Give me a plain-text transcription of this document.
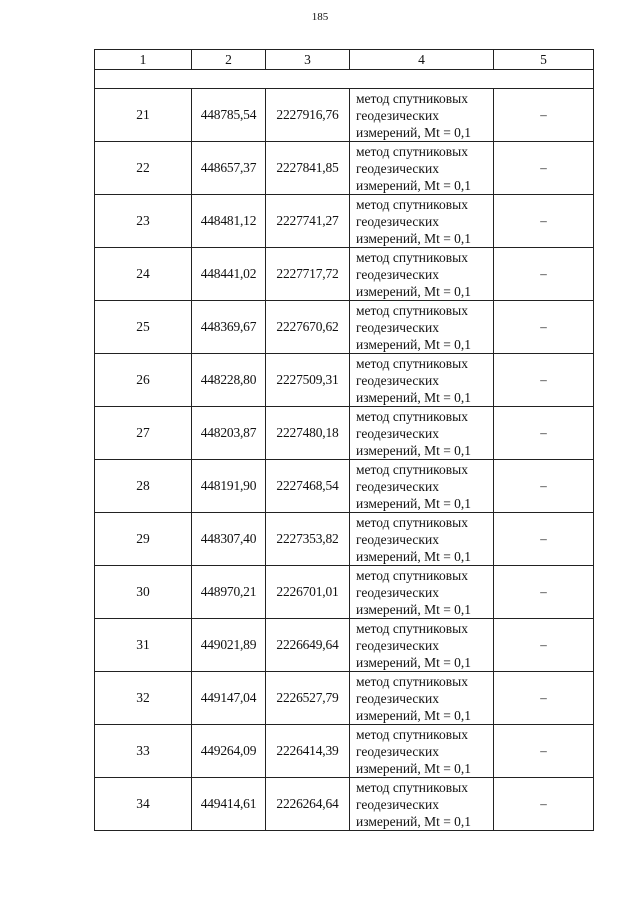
185
1	2	3	4	5

21	448785,54	2227916,76	метод спутниковых
геодезических
измерений, Mt = 0,1	–
22	448657,37	2227841,85	метод спутниковых
геодезических
измерений, Mt = 0,1	–
23	448481,12	2227741,27	метод спутниковых
геодезических
измерений, Mt = 0,1	–
24	448441,02	2227717,72	метод спутниковых
геодезических
измерений, Mt = 0,1	–
25	448369,67	2227670,62	метод спутниковых
геодезических
измерений, Mt = 0,1	–
26	448228,80	2227509,31	метод спутниковых
геодезических
измерений, Mt = 0,1	–
27	448203,87	2227480,18	метод спутниковых
геодезических
измерений, Mt = 0,1	–
28	448191,90	2227468,54	метод спутниковых
геодезических
измерений, Mt = 0,1	–
29	448307,40	2227353,82	метод спутниковых
геодезических
измерений, Mt = 0,1	–
30	448970,21	2226701,01	метод спутниковых
геодезических
измерений, Mt = 0,1	–
31	449021,89	2226649,64	метод спутниковых
геодезических
измерений, Mt = 0,1	–
32	449147,04	2226527,79	метод спутниковых
геодезических
измерений, Mt = 0,1	–
33	449264,09	2226414,39	метод спутниковых
геодезических
измерений, Mt = 0,1	–
34	449414,61	2226264,64	метод спутниковых
геодезических
измерений, Mt = 0,1	–
